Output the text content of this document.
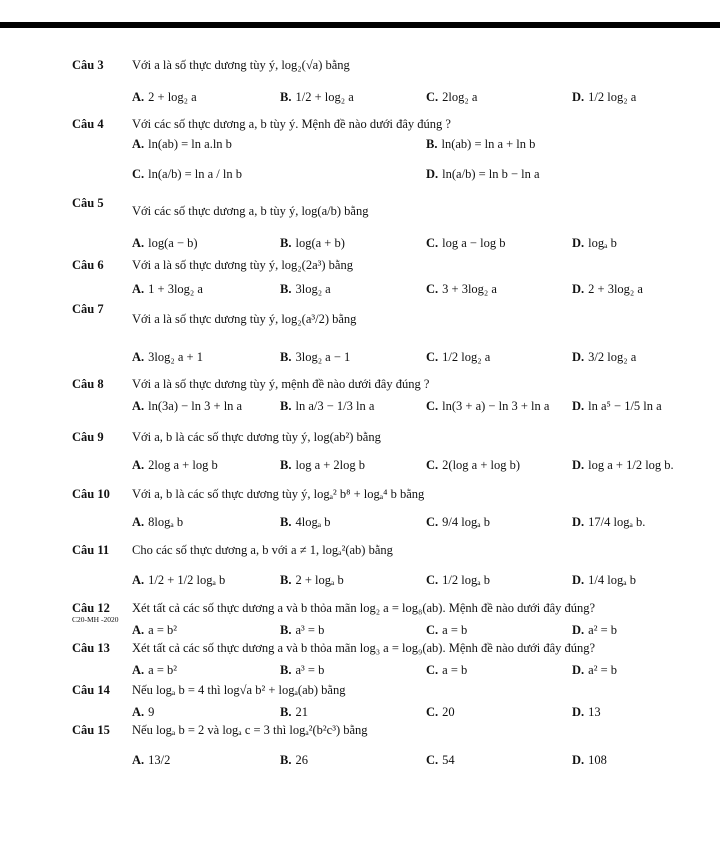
Câu 3 Với a là số thực dương tùy ý, log₂(√a) bằng
A. 2 + log₂ a	B. 1/2 + log₂ a	C. 2log₂ a	D. 1/2 log₂ a
Câu 4 Với các số thực dương a, b tùy ý. Mệnh đề nào dưới đây đúng ?
A. ln(ab) = ln a.ln b	B. ln(ab) = ln a + ln b
C. ln(a/b) = ln a / ln b	D. ln(a/b) = ln b − ln a
Câu 5
Với các số thực dương a, b tùy ý, log(a/b) bằng
A. log(a − b)	B. log(a + b)	C. log a − log b	D. logₐ b
Câu 6 Với a là số thực dương tùy ý, log₂(2a³) bằng
A. 1 + 3log₂ a	B. 3log₂ a	C. 3 + 3log₂ a	D. 2 + 3log₂ a
Câu 7
Với a là số thực dương tùy ý, log₂(a³/2) bằng
A. 3log₂ a + 1	B. 3log₂ a − 1	C. 1/2 log₂ a	D. 3/2 log₂ a
Câu 8 Với a là số thực dương tùy ý, mệnh đề nào dưới đây đúng ?
A. ln(3a) − ln 3 + ln a	B. ln a/3 − 1/3 ln a	C. ln(3 + a) − ln 3 + ln a D. ln a⁵ − 1/5 ln a
Câu 9 Với a, b là các số thực dương tùy ý, log(ab²) bằng
A. 2log a + log b	B. log a + 2log b	C. 2(log a + log b)	D. log a + 1/2 log b.
Câu 10 Với a, b là các số thực dương tùy ý, logₐ² b⁸ + logₐ⁴ b bằng
A. 8logₐ b	B. 4logₐ b	C. 9/4 logₐ b	D. 17/4 logₐ b.
Câu 11 Cho các số thực dương a, b với a ≠ 1, logₐ²(ab) bằng
A. 1/2 + 1/2 logₐ b	B. 2 + logₐ b	C. 1/2 logₐ b	D. 1/4 logₐ b
Câu 12
C20-MH -2020
Xét tất cả các số thực dương a và b thỏa mãn log₂ a = log₈(ab). Mệnh đề nào dưới đây đúng?
A. a = b²	B. a³ = b	C. a = b	D. a² = b
Câu 13 Xét tất cả các số thực dương a và b thỏa mãn log₃ a = log₉(ab). Mệnh đề nào dưới đây đúng?
A. a = b²	B. a³ = b	C. a = b	D. a² = b
Câu 14 Nếu logₐ b = 4 thì log√a b² + logₐ(ab) bằng
A. 9	B. 21	C. 20	D. 13
Câu 15 Nếu logₐ b = 2 và logₐ c = 3 thì logₐ²(b²c³) bằng
A. 13/2	B. 26	C. 54	D. 108
